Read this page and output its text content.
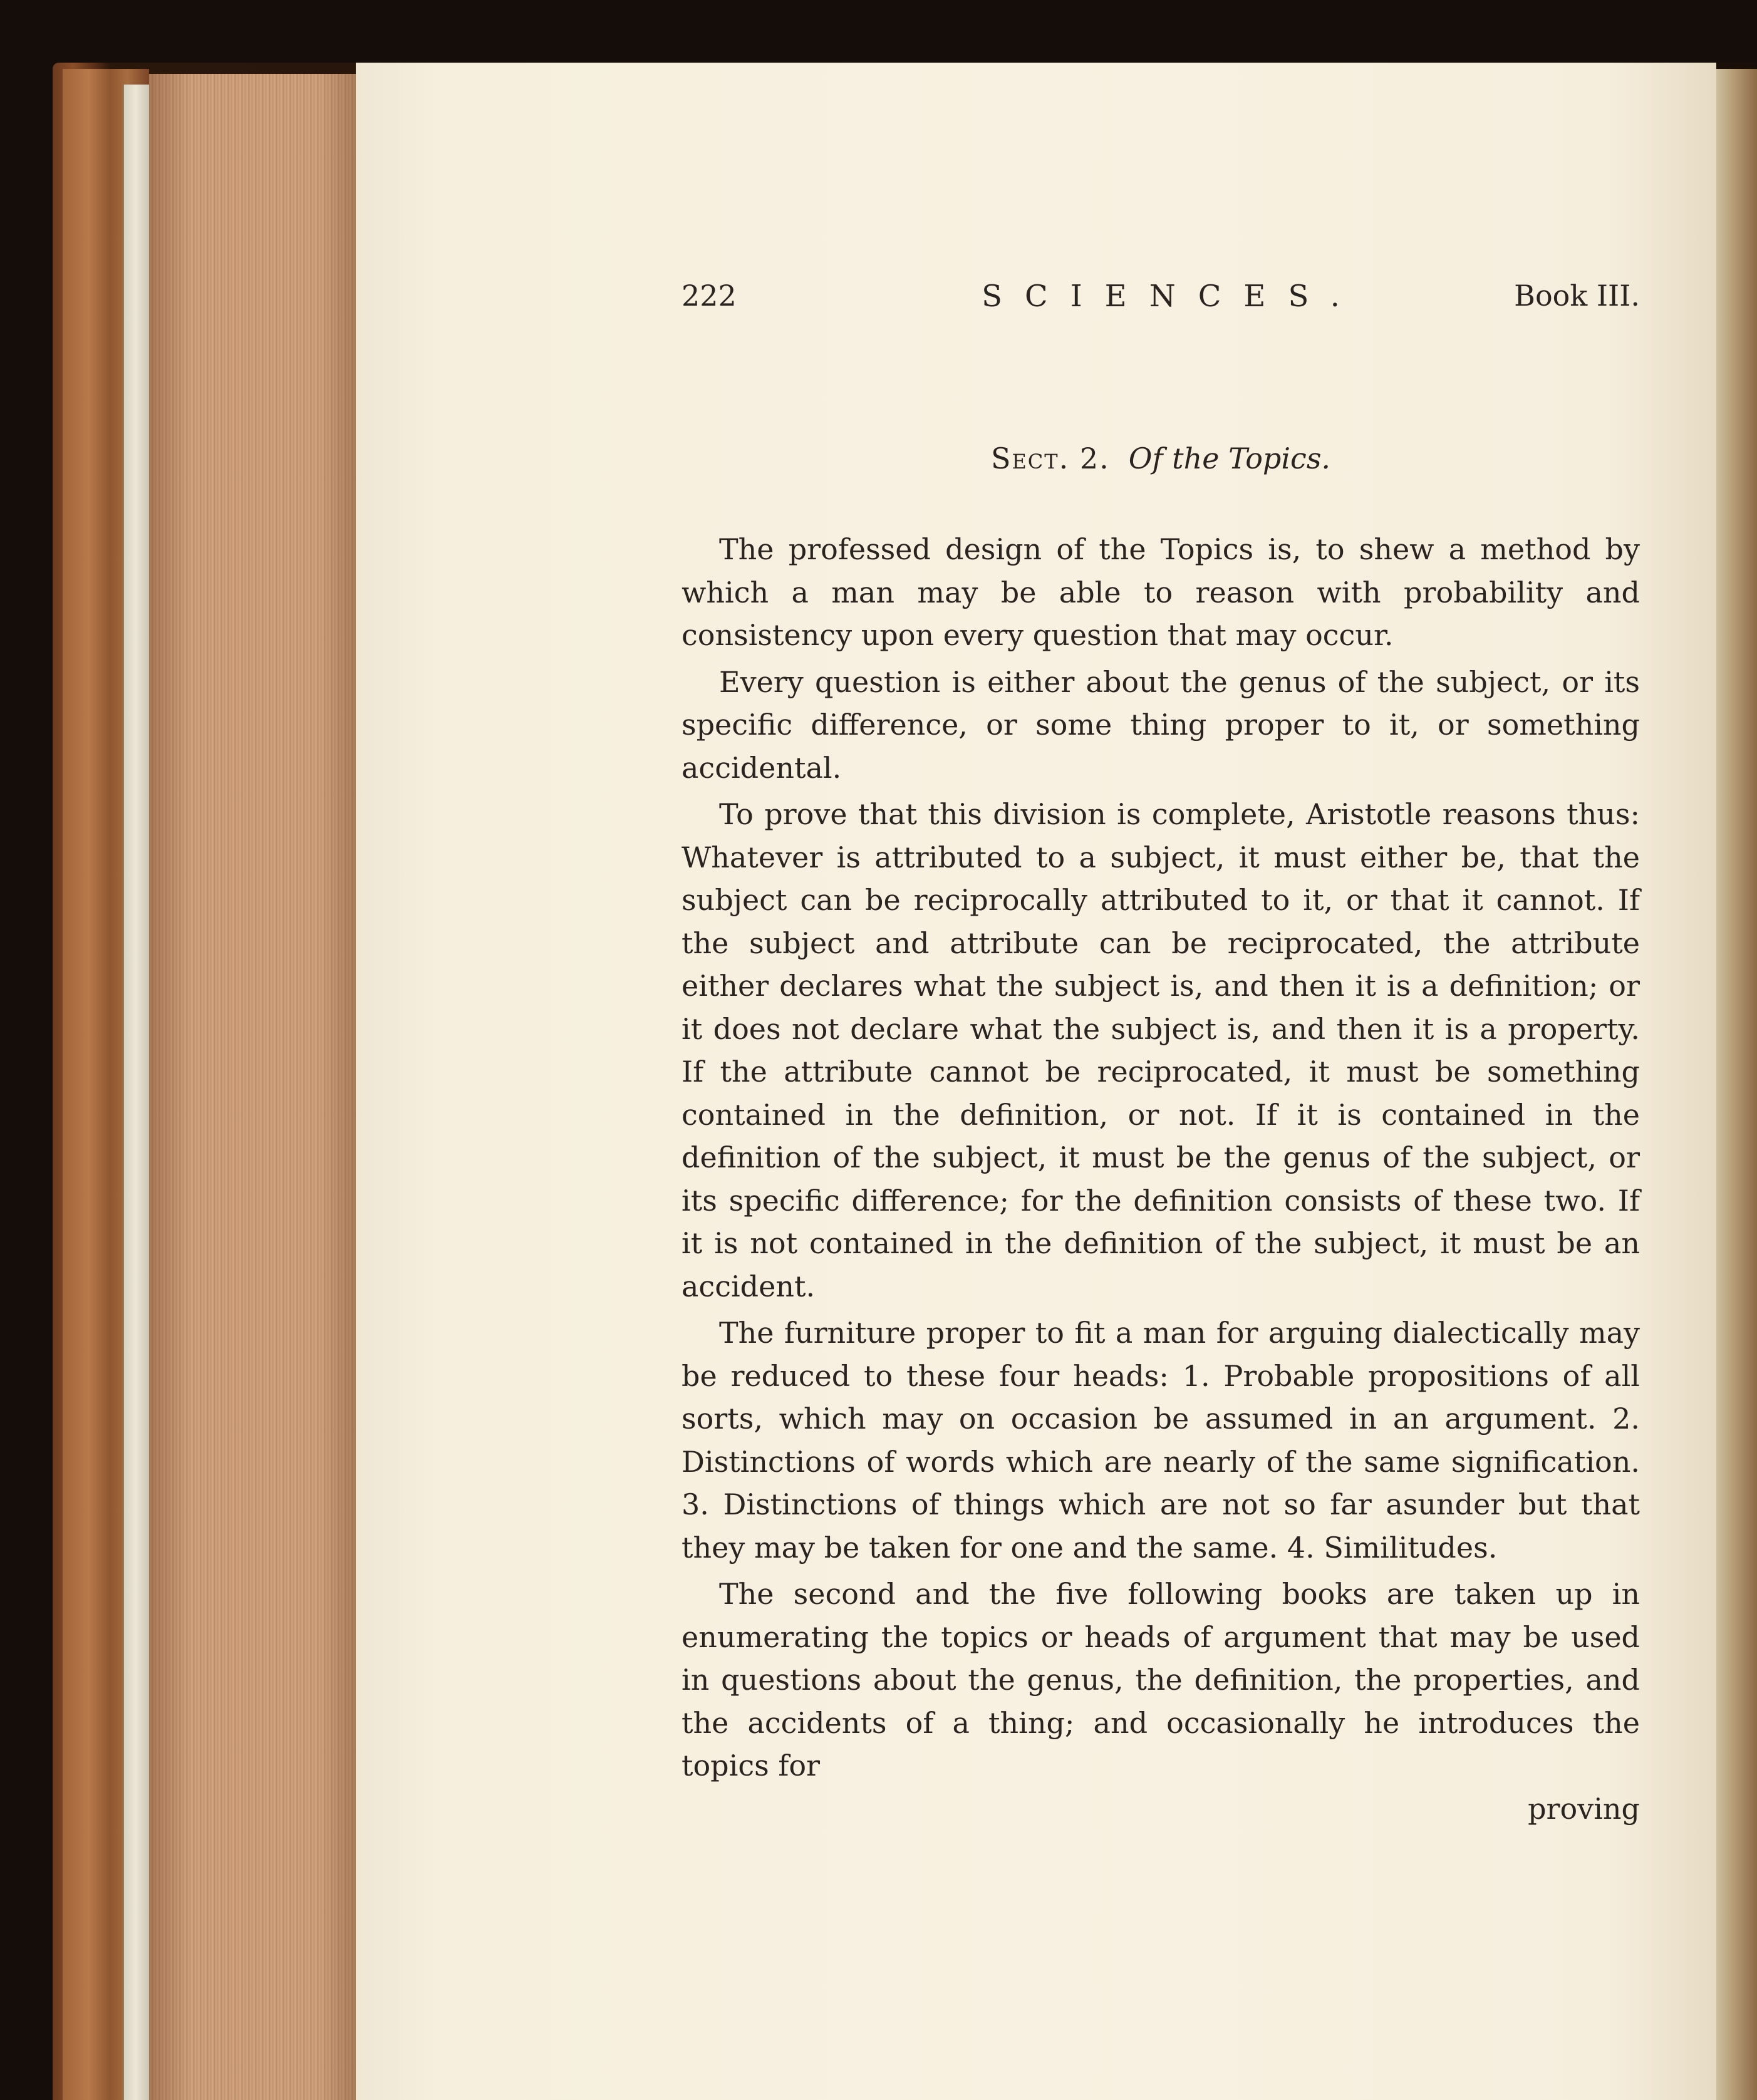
222	SCIENCES.	Book III.
Sect. 2. Of the Topics.

The professed design of the Topics is, to shew a method by which a man may be able to reason with probability and consistency upon every question that may occur.

Every question is either about the genus of the subject, or its specific difference, or some thing proper to it, or something accidental.

To prove that this division is complete, Aristotle reasons thus: Whatever is attributed to a subject, it must either be, that the subject can be reciprocally attributed to it, or that it cannot. If the subject and attribute can be reciprocated, the attribute either declares what the subject is, and then it is a definition; or it does not declare what the subject is, and then it is a property. If the attribute cannot be reciprocated, it must be something contained in the definition, or not. If it is contained in the definition of the subject, it must be the genus of the subject, or its specific difference; for the definition consists of these two. If it is not contained in the definition of the subject, it must be an accident.

The furniture proper to fit a man for arguing dialectically may be reduced to these four heads: 1. Probable propositions of all sorts, which may on occasion be assumed in an argument. 2. Distinctions of words which are nearly of the same signification. 3. Distinctions of things which are not so far asunder but that they may be taken for one and the same. 4. Similitudes.

The second and the five following books are taken up in enumerating the topics or heads of argument that may be used in questions about the genus, the definition, the properties, and the accidents of a thing; and occasionally he introduces the topics for

proving
